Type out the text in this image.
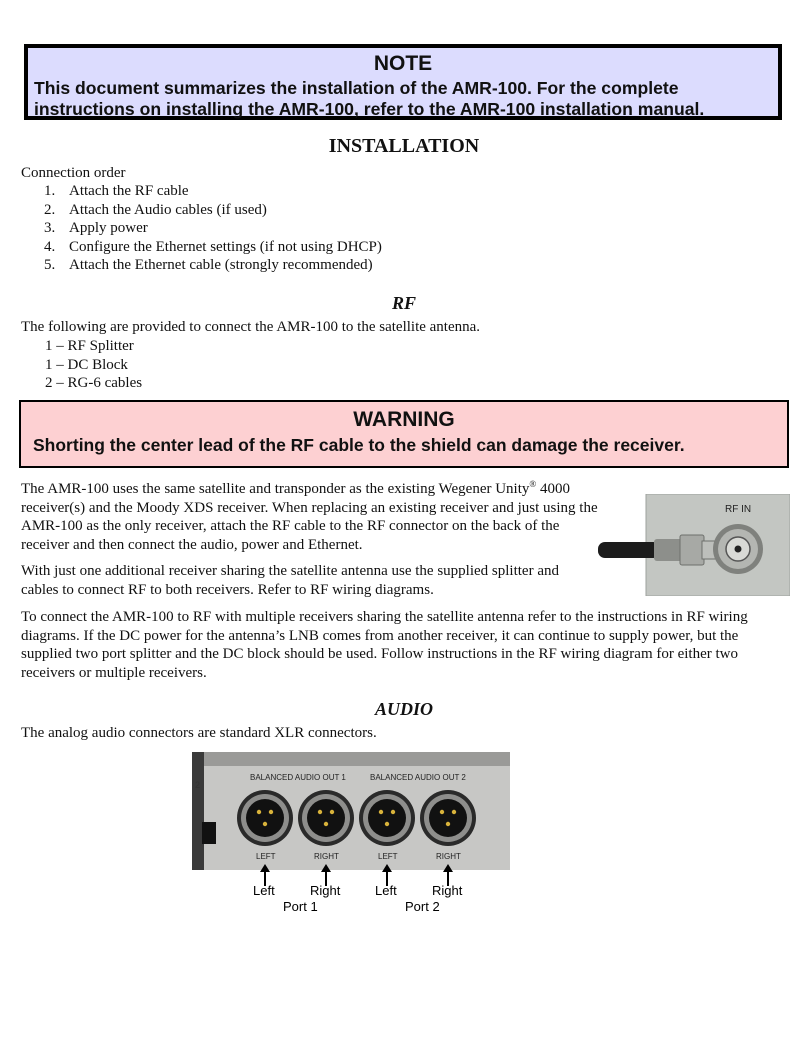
NOTE
This document summarizes the installation of the AMR-100. For the complete instructions on installing the AMR-100, refer to the AMR-100 installation manual.
INSTALLATION
Connection order
1. Attach the RF cable
2. Attach the Audio cables (if used)
3. Apply power
4. Configure the Ethernet settings (if not using DHCP)
5. Attach the Ethernet cable (strongly recommended)
RF
The following are provided to connect the AMR-100 to the satellite antenna.
1 – RF Splitter
1 – DC Block
2 – RG-6 cables
WARNING
Shorting the center lead of the RF cable to the shield can damage the receiver.
The AMR-100 uses the same satellite and transponder as the existing Wegener Unity® 4000 receiver(s) and the Moody XDS receiver. When replacing an existing receiver and just using the AMR-100 as the only receiver, attach the RF cable to the RF connector on the back of the receiver and then connect the audio, power and Ethernet.
With just one additional receiver sharing the satellite antenna use the supplied splitter and cables to connect RF to both receivers. Refer to RF wiring diagrams.
To connect the AMR-100 to RF with multiple receivers sharing the satellite antenna refer to the instructions in RF wiring diagrams. If the DC power for the antenna’s LNB comes from another receiver, it can continue to supply power, but the supplied two port splitter and the DC block should be used. Follow instructions in the RF wiring diagram for either two receivers or multiple receivers.
RF IN
AUDIO
The analog audio connectors are standard XLR connectors.
2
BALANCED AUDIO OUT 1	BALANCED AUDIO OUT 2
LEFT	RIGHT	LEFT	RIGHT
Left	Right	Left	Right
Port 1	Port 2
